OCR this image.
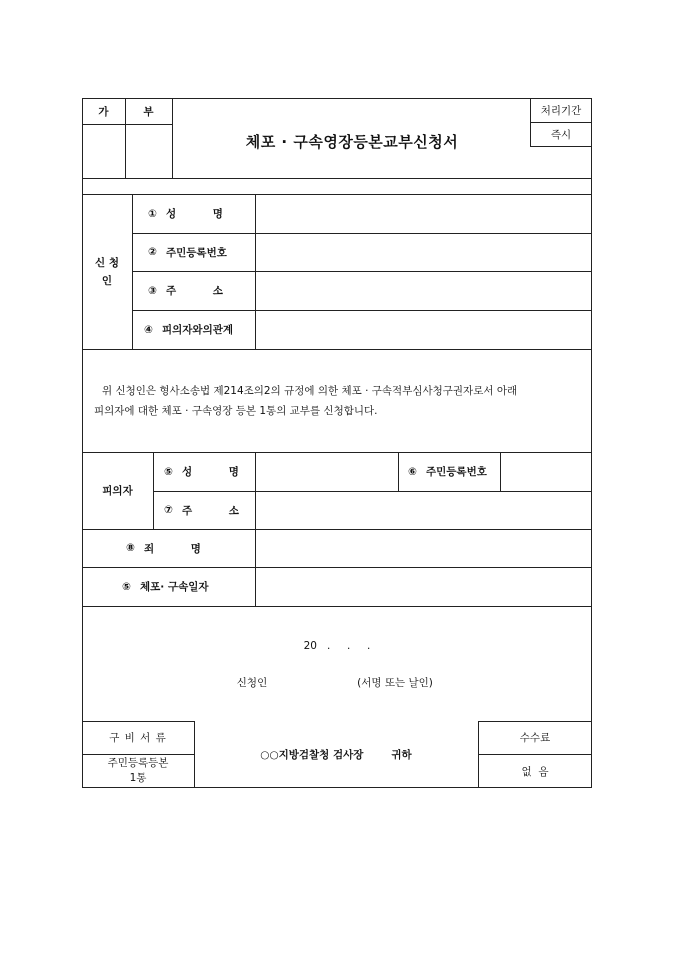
가	부
체포 · 구속영장등본교부신청서
처리기간
즉시
신 청
인
① 성          명
② 주민등록번호
③ 주          소
④ 피의자와의관계
위 신청인은 형사소송법 제214조의2의 규정에 의한 체포 · 구속적부심사청구권자로서 아래
피의자에 대한 체포 · 구속영장 등본 1통의 교부를 신청합니다.
피의자
⑤ 성          명	⑥ 주민등록번호
⑦ 주          소
⑧ 죄          명
⑤ 체포· 구속일자
20   .     .     .
신청인	(서명 또는 날인)
구 비 서 류
주민등록등본
1통
○○지방검찰청 검사장	귀하
수수료
없  음
